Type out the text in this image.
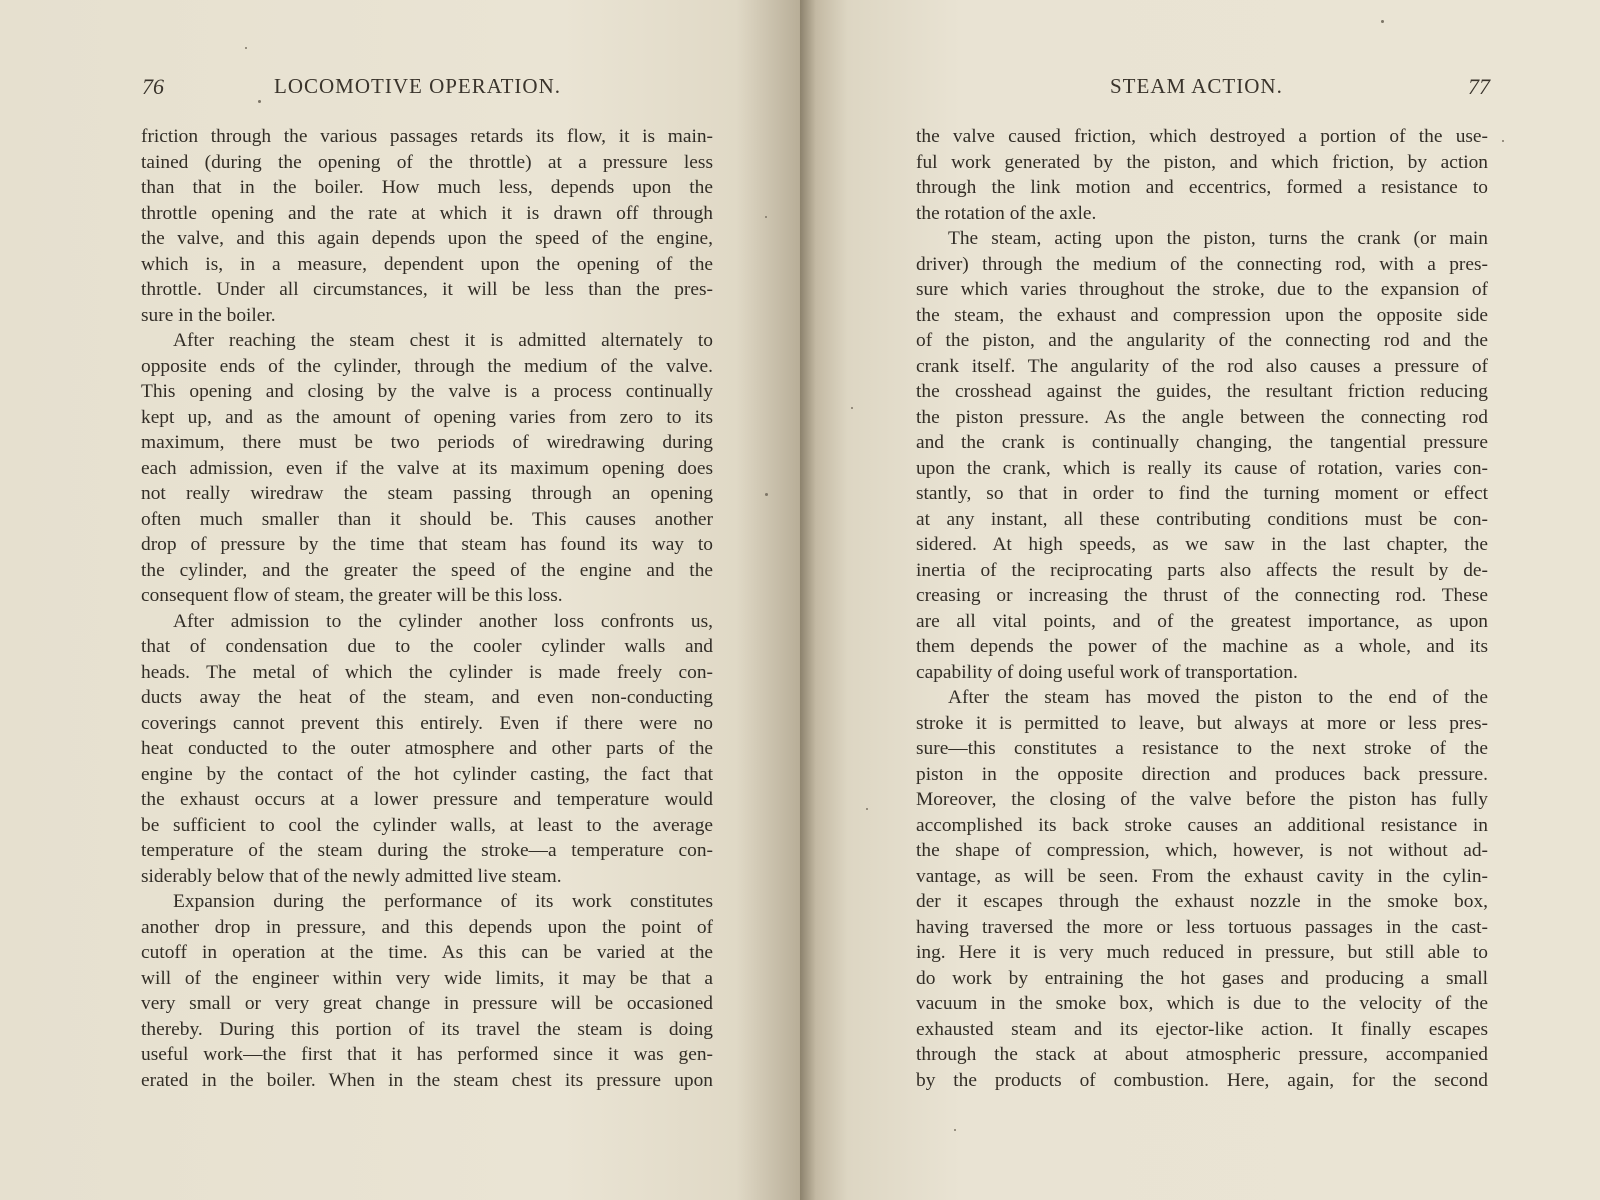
76	LOCOMOTIVE OPERATION.
friction through the various passages retards its flow, it is main-
tained (during the opening of the throttle) at a pressure less
than that in the boiler. How much less, depends upon the
throttle opening and the rate at which it is drawn off through
the valve, and this again depends upon the speed of the engine,
which is, in a measure, dependent upon the opening of the
throttle. Under all circumstances, it will be less than the pres-
sure in the boiler.
After reaching the steam chest it is admitted alternately to
opposite ends of the cylinder, through the medium of the valve.
This opening and closing by the valve is a process continually
kept up, and as the amount of opening varies from zero to its
maximum, there must be two periods of wiredrawing during
each admission, even if the valve at its maximum opening does
not really wiredraw the steam passing through an opening
often much smaller than it should be. This causes another
drop of pressure by the time that steam has found its way to
the cylinder, and the greater the speed of the engine and the
consequent flow of steam, the greater will be this loss.
After admission to the cylinder another loss confronts us,
that of condensation due to the cooler cylinder walls and
heads. The metal of which the cylinder is made freely con-
ducts away the heat of the steam, and even non-conducting
coverings cannot prevent this entirely. Even if there were no
heat conducted to the outer atmosphere and other parts of the
engine by the contact of the hot cylinder casting, the fact that
the exhaust occurs at a lower pressure and temperature would
be sufficient to cool the cylinder walls, at least to the average
temperature of the steam during the stroke—a temperature con-
siderably below that of the newly admitted live steam.
Expansion during the performance of its work constitutes
another drop in pressure, and this depends upon the point of
cutoff in operation at the time. As this can be varied at the
will of the engineer within very wide limits, it may be that a
very small or very great change in pressure will be occasioned
thereby. During this portion of its travel the steam is doing
useful work—the first that it has performed since it was gen-
erated in the boiler. When in the steam chest its pressure upon
STEAM ACTION.	77
the valve caused friction, which destroyed a portion of the use-
ful work generated by the piston, and which friction, by action
through the link motion and eccentrics, formed a resistance to
the rotation of the axle.
The steam, acting upon the piston, turns the crank (or main
driver) through the medium of the connecting rod, with a pres-
sure which varies throughout the stroke, due to the expansion of
the steam, the exhaust and compression upon the opposite side
of the piston, and the angularity of the connecting rod and the
crank itself. The angularity of the rod also causes a pressure of
the crosshead against the guides, the resultant friction reducing
the piston pressure. As the angle between the connecting rod
and the crank is continually changing, the tangential pressure
upon the crank, which is really its cause of rotation, varies con-
stantly, so that in order to find the turning moment or effect
at any instant, all these contributing conditions must be con-
sidered. At high speeds, as we saw in the last chapter, the
inertia of the reciprocating parts also affects the result by de-
creasing or increasing the thrust of the connecting rod. These
are all vital points, and of the greatest importance, as upon
them depends the power of the machine as a whole, and its
capability of doing useful work of transportation.
After the steam has moved the piston to the end of the
stroke it is permitted to leave, but always at more or less pres-
sure—this constitutes a resistance to the next stroke of the
piston in the opposite direction and produces back pressure.
Moreover, the closing of the valve before the piston has fully
accomplished its back stroke causes an additional resistance in
the shape of compression, which, however, is not without ad-
vantage, as will be seen. From the exhaust cavity in the cylin-
der it escapes through the exhaust nozzle in the smoke box,
having traversed the more or less tortuous passages in the cast-
ing. Here it is very much reduced in pressure, but still able to
do work by entraining the hot gases and producing a small
vacuum in the smoke box, which is due to the velocity of the
exhausted steam and its ejector-like action. It finally escapes
through the stack at about atmospheric pressure, accompanied
by the products of combustion. Here, again, for the second
